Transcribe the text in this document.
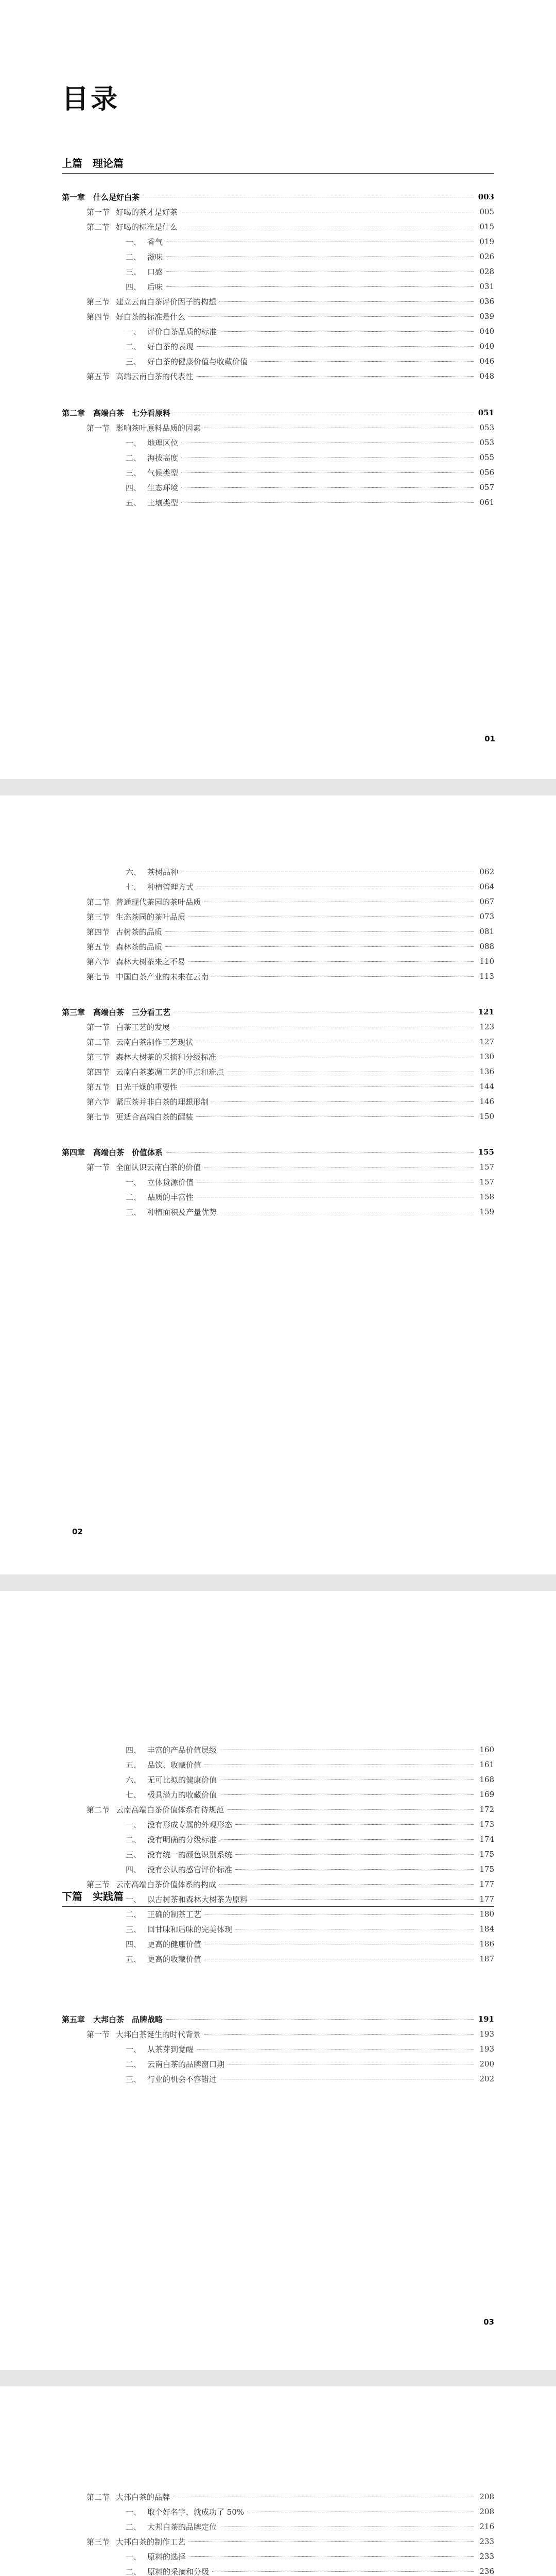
目录
上篇　理论篇
第一章 什么是好白茶	003
第一节 好喝的茶才是好茶	005
第二节 好喝的标准是什么	015
一、 香气	019
二、 滋味	026
三、 口感	028
四、 后味	031
第三节 建立云南白茶评价因子的构想	036
第四节 好白茶的标准是什么	039
一、 评价白茶品质的标准	040
二、 好白茶的表现	040
三、 好白茶的健康价值与收藏价值	046
第五节 高端云南白茶的代表性	048
第二章 高端白茶　七分看原料	051
第一节 影响茶叶原料品质的因素	053
一、 地理区位	053
二、 海拔高度	055
三、 气候类型	056
四、 生态环境	057
五、 土壤类型	061
01
六、 茶树品种	062
七、 种植管理方式	064
第二节 普通现代茶园的茶叶品质	067
第三节 生态茶园的茶叶品质	073
第四节 古树茶的品质	081
第五节 森林茶的品质	088
第六节 森林大树茶来之不易	110
第七节 中国白茶产业的未来在云南	113
第三章 高端白茶　三分看工艺	121
第一节 白茶工艺的发展	123
第二节 云南白茶制作工艺现状	127
第三节 森林大树茶的采摘和分级标准	130
第四节 云南白茶萎凋工艺的重点和难点	136
第五节 日光干燥的重要性	144
第六节 紧压茶并非白茶的理想形制	146
第七节 更适合高端白茶的醒装	150
第四章 高端白茶　价值体系	155
第一节 全面认识云南白茶的价值	157
一、 立体货源价值	157
二、 品质的丰富性	158
三、 种植面积及产量优势	159
02
下篇　实践篇
四、 丰富的产品价值层级	160
五、 品饮、收藏价值	161
六、 无可比拟的健康价值	168
七、 极具潜力的收藏价值	169
第二节 云南高端白茶价值体系有待规范	172
一、 没有形成专属的外观形态	173
二、 没有明确的分级标准	174
三、 没有统一的颜色识别系统	175
四、 没有公认的感官评价标准	175
第三节 云南高端白茶价值体系的构成	177
一、 以古树茶和森林大树茶为原料	177
二、 正确的制茶工艺	180
三、 回甘味和后味的完美体现	184
四、 更高的健康价值	186
五、 更高的收藏价值	187
第五章 大邦白茶　品牌战略	191
第一节 大邦白茶诞生的时代背景	193
一、 从茶芽到觉醒	193
二、 云南白茶的品牌窗口期	200
三、 行业的机会不容错过	202
03
第二节 大邦白茶的品牌	208
一、 取个好名字，就成功了 50%	208
二、 大邦白茶的品牌定位	216
第三节 大邦白茶的制作工艺	233
一、 原料的选择	233
二、 原料的采摘和分级	236
